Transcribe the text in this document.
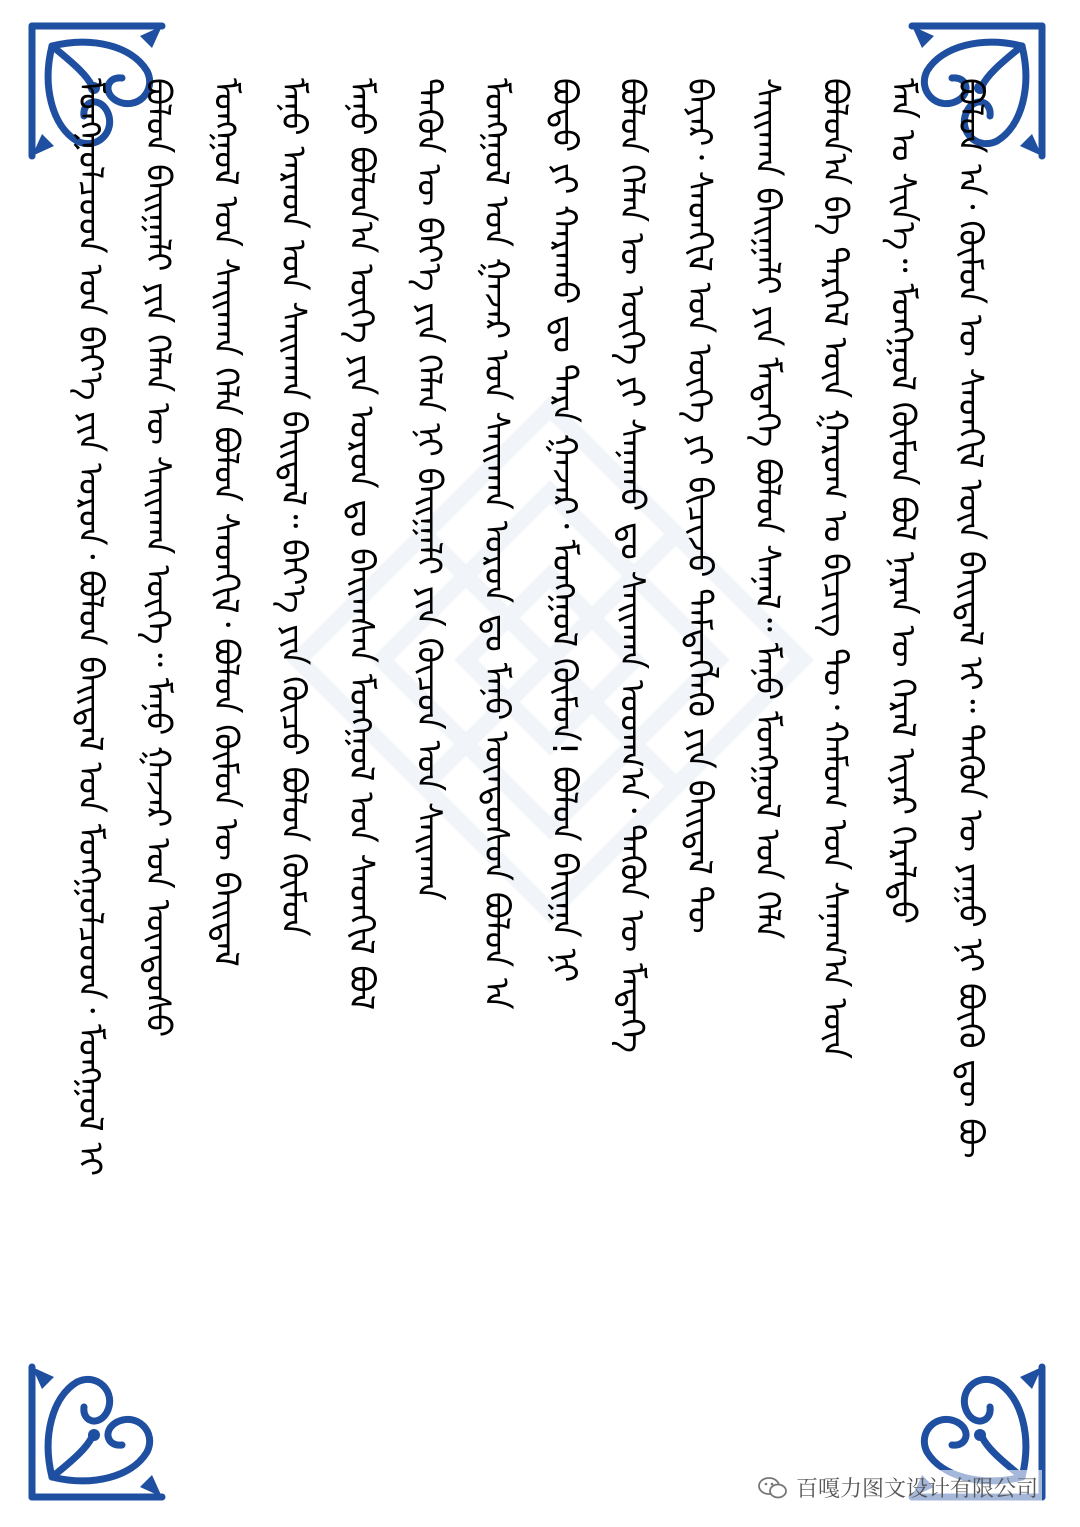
ᠪᠣᠯᠣᠨ ᠠ᠂ ᠬᠦᠮᠦᠨ ᠦ ᠰᠡᠳᠬᠢᠯ ᠦᠨ ᠪᠠᠢᠳᠠᠯ ᠢ᠃ ᠲᠡᠭᠦᠨ ᠦ ᠶᠠᠭᠤ ᠨᠢ ᠪᠦᠬᠦ ᠳᠦ ᠪᠦ
ᠮᠠᠨ ᠤ ᠰᠢᠨ᠎ᠡ᠃ ᠮᠣᠩᠭᠣᠯ ᠬᠦᠮᠦᠨ ᠪᠣᠯ ᠨᠠᠷᠠᠨ ᠦ ᠭᠡᠷᠡᠯ ᠢᠶᠡᠷ ᠭᠡᠷᠡᠯᠲᠦ
ᠪᠣᠯᠤᠨ᠎ᠠ ᠪᠠ ᠲᠡᠷᠭᠡᠯ ᠦᠨ ᠭᠠᠷᠤᠭ ᠤ ᠪᠢᠴᠢᠭ ᠲᠦ᠂ ᠬᠠᠮᠤᠭ ᠤᠨ ᠰᠠᠨᠠᠭ᠎ᠠ ᠦᠨ
ᠰᠠᠢᠬᠠᠨ ᠪᠠᠢᠭᠠᠯᠢ ᠶᠢᠨ ᠮᠡᠳᠡᠭᠡ ᠪᠣᠯᠤᠨ ᠰᠠᠨᠠᠯ᠃ ᠮᠠᠨᠤ ᠮᠣᠩᠭᠣᠯ ᠤᠨ ᠬᠡᠯᠡ
ᠪᠠᠶᠠᠷ᠂ ᠰᠡᠳᠬᠢᠯ ᠤᠨ ᠦᠭᠡ ᠶᠢ ᠪᠢᠴᠢᠵᠦ ᠲᠡᠮᠳᠡᠭᠯᠡᠬᠦ ᠶᠢᠨ ᠪᠠᠢᠳᠠᠯ ᠲᠦ
ᠪᠣᠯᠤᠨ ᠬᠡᠯᠡᠨ ᠦ ᠦᠭᠡ ᠶᠢ ᠰᠠᠨᠠᠬᠤ ᠳᠤ ᠰᠠᠢᠬᠠᠨ ᠤᠳᠬ᠎ᠠ᠂ ᠲᠡᠭᠦᠨ ᠦ ᠮᠡᠳᠡᠭᠡ
ᠪᠣᠳᠤ ᠶᠢ ᠬᠠᠷᠠᠬᠤ ᠳᠤ ᠲᠡᠷᠡ ᠭᠠᠵᠠᠷ᠂ ᠮᠣᠩᠭᠣᠯ ᠬᠦᠮᠦᠨ! ᠪᠣᠯᠤᠨ ᠪᠠᠢᠭᠠ ᠨᠢ
ᠮᠣᠩᠭᠣᠯ ᠤᠨ ᠭᠠᠵᠠᠷ ᠤᠨ ᠰᠠᠢᠬᠠᠨ ᠤᠷᠤᠨ ᠳᠤ ᠮᠠᠨᠤ ᠦᠨᠳᠦᠰᠦᠨ ᠪᠣᠯᠣᠨ ᠠ
ᠲᠡᠭᠦᠨ ᠦ ᠪᠡᠶ᠎ᠡ ᠶᠢᠨ ᠬᠡᠯᠡᠨ ᠨᠢ ᠪᠠᠢᠭᠠᠯᠢ ᠶᠢᠨ ᠬᠦᠴᠦᠨ ᠤᠨ ᠰᠠᠢᠬᠠᠨ
ᠮᠠᠨᠤ ᠪᠣᠯᠤᠨ᠎ᠠ ᠦᠭᠡ ᠶᠢᠨ ᠤᠷᠤᠨ ᠳᠤ ᠪᠠᠢᠭᠰᠠᠨ ᠮᠣᠩᠭᠣᠯ ᠤᠨ ᠰᠡᠳᠬᠢᠯ ᠪᠣᠯ
ᠮᠠᠨᠤ ᠠᠷᠠᠳ ᠤᠨ ᠰᠠᠢᠬᠠᠨ ᠪᠠᠢᠳᠠᠯ᠃ ᠪᠡᠶ᠎ᠡ ᠶᠢᠨ ᠬᠦᠴᠦ ᠪᠣᠯᠤᠨ ᠬᠦᠮᠦᠨ
ᠮᠣᠩᠭᠣᠯ ᠤᠨ ᠰᠠᠢᠬᠠᠨ ᠬᠡᠯᠡ ᠪᠣᠯᠤᠨ ᠰᠡᠳᠬᠢᠯ᠂ ᠪᠣᠯᠤᠨ ᠬᠦᠮᠦᠨ ᠦ ᠪᠠᠢᠳᠠᠯ
ᠪᠣᠯᠤᠨ ᠪᠠᠢᠭᠠᠯᠢ ᠶᠢᠨ ᠬᠡᠯᠡᠨ ᠦ ᠰᠠᠢᠬᠠᠨ ᠦᠭᠡ᠃ ᠮᠠᠨᠤ ᠭᠠᠵᠠᠷ ᠤᠨ ᠦᠨᠳᠦᠰᠦ
ᠮᠣᠩᠭᠣᠯᠴᠤᠳ ᠤᠨ ᠪᠡᠶ᠎ᠡ ᠶᠢᠨ ᠤᠷᠤᠨ᠂ ᠪᠣᠯᠤᠨ ᠪᠠᠢᠳᠠᠯ ᠤᠨ ᠮᠣᠩᠭᠣᠯᠴᠤᠳ᠂ ᠮᠣᠩᠭᠣᠯ ᠢ
百嘎力图文设计有限公司
